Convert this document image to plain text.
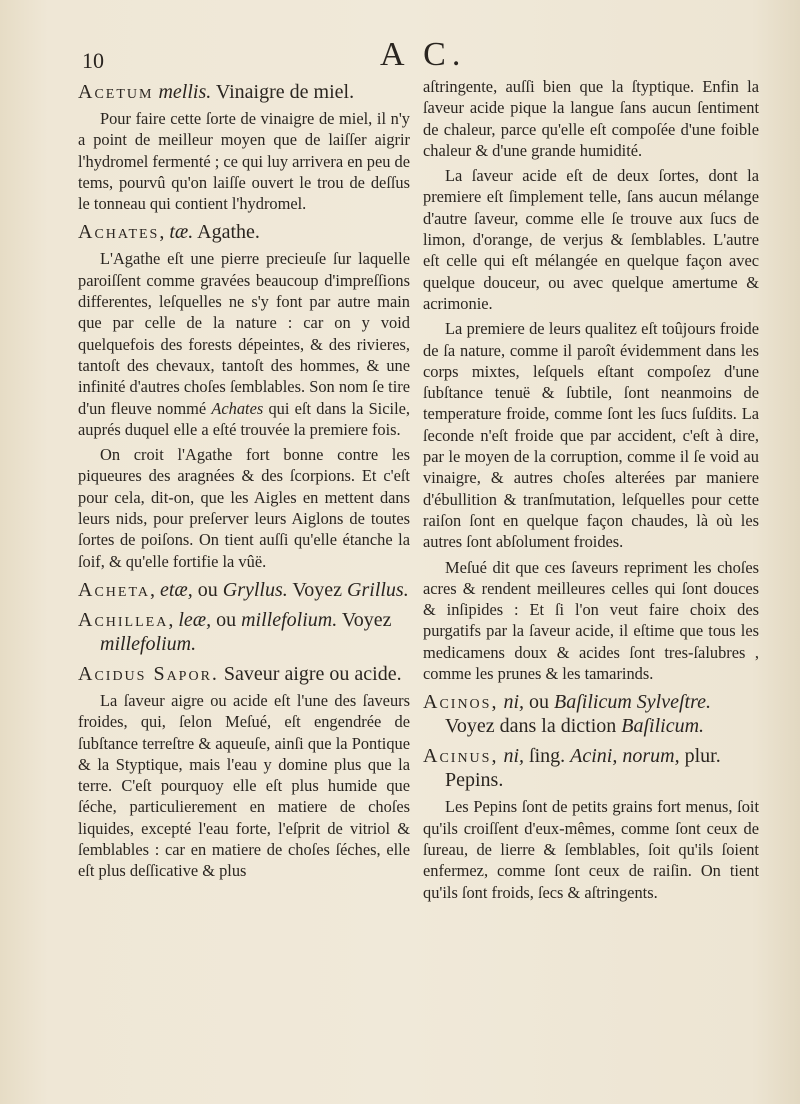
10	A C.
Acetum mellis. Vinaigre de miel.

Pour faire cette ſorte de vinaigre de miel, il n'y a point de meilleur moyen que de laiſſer aigrir l'hydromel fermenté ; ce qui luy arrivera en peu de tems, pourvû qu'on laiſſe ouvert le trou de deſſus le tonneau qui contient l'hydromel.

Achates, tæ. Agathe.

L'Agathe eſt une pierre precieuſe ſur laquelle paroiſſent comme gravées beaucoup d'impreſſions differentes, leſquelles ne s'y font par autre main que par celle de la nature : car on y void quelquefois des forests dépeintes, & des rivieres, tantoſt des chevaux, tantoſt des hommes, & une infinité d'autres choſes ſemblables. Son nom ſe tire d'un fleuve nommé Achates qui eſt dans la Sicile, auprés duquel elle a eſté trouvée la premiere fois.

On croit l'Agathe fort bonne contre les piqueures des aragnées & des ſcorpions. Et c'eſt pour cela, dit-on, que les Aigles en mettent dans leurs nids, pour preſerver leurs Aiglons de toutes ſortes de poiſons. On tient auſſi qu'elle étanche la ſoif, & qu'elle fortifie la vûë.

Acheta, etæ, ou Gryllus. Voyez Grillus.
Achillea, leæ, ou millefolium. Voyez millefolium.
Acidus Sapor. Saveur aigre ou acide.

La ſaveur aigre ou acide eſt l'une des ſaveurs froides, qui, ſelon Meſué, eſt engendrée de ſubſtance terreſtre & aqueuſe, ainſi que la Pontique & la Styptique, mais l'eau y domine plus que la terre. C'eſt pourquoy elle eſt plus humide que ſéche, particulierement en matiere de choſes liquides, excepté l'eau forte, l'eſprit de vitriol & ſemblables : car en matiere de choſes ſéches, elle eſt plus deſſicative & plus

aſtringente, auſſi bien que la ſtyptique. Enfin la ſaveur acide pique la langue ſans aucun ſentiment de chaleur, parce qu'elle eſt compoſée d'une foible chaleur & d'une grande humidité.

La ſaveur acide eſt de deux ſortes, dont la premiere eſt ſimplement telle, ſans aucun mélange d'autre ſaveur, comme elle ſe trouve aux ſucs de limon, d'orange, de verjus & ſemblables. L'autre eſt celle qui eſt mélangée en quelque façon avec quelque douceur, ou avec quelque amertume & acrimonie.

La premiere de leurs qualitez eſt toûjours froide de ſa nature, comme il paroît évidemment dans les corps mixtes, leſquels eſtant compoſez d'une ſubſtance tenuë & ſubtile, ſont neanmoins de temperature froide, comme ſont les ſucs ſuſdits. La ſeconde n'eſt froide que par accident, c'eſt à dire, par le moyen de la corruption, comme il ſe void au vinaigre, & autres choſes alterées par maniere d'ébullition & tranſmutation, leſquelles pour cette raiſon ſont en quelque façon chaudes, là où les autres ſont abſolument froides.

Meſué dit que ces ſaveurs repriment les choſes acres & rendent meilleures celles qui ſont douces & inſipides : Et ſi l'on veut faire choix des purgatifs par la ſaveur acide, il eſtime que tous les medicamens doux & acides ſont tres-ſalubres , comme les prunes & les tamarinds.

Acinos, ni, ou Baſilicum Sylveſtre. Voyez dans la diction Baſilicum.
Acinus, ni, ſing. Acini, norum, plur. Pepins.

Les Pepins ſont de petits grains fort menus, ſoit qu'ils croiſſent d'eux-mêmes, comme ſont ceux de ſureau, de lierre & ſemblables, ſoit qu'ils ſoient enfermez, comme ſont ceux de raiſin. On tient qu'ils ſont froids, ſecs & aſtringents.
